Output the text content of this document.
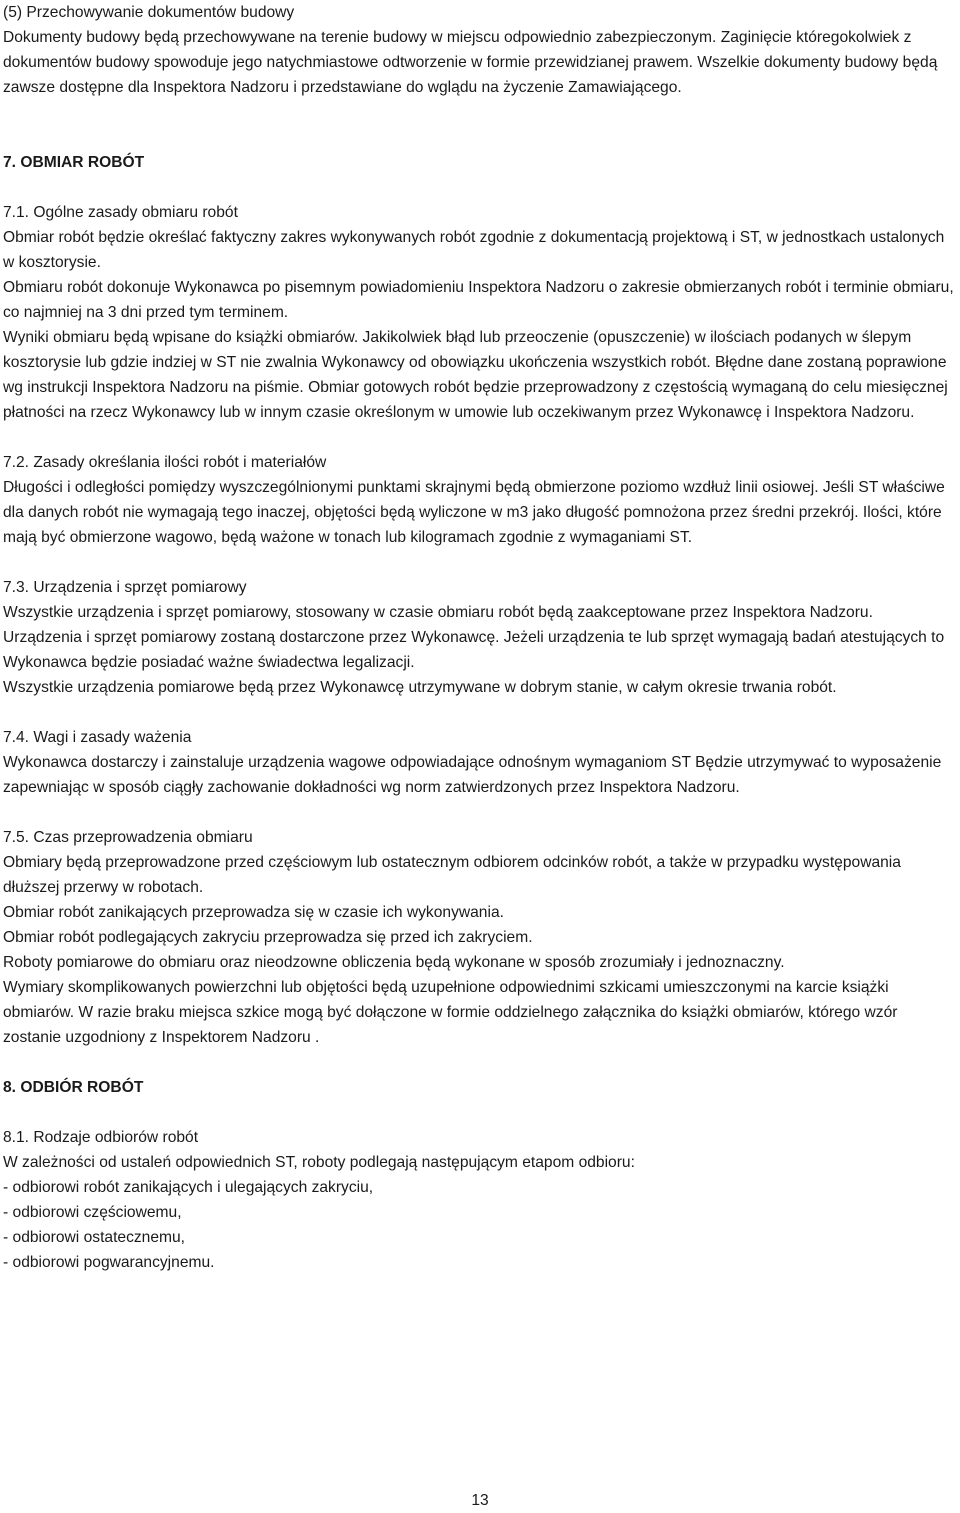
(5) Przechowywanie dokumentów budowy

Dokumenty budowy będą przechowywane na terenie budowy w miejscu odpowiednio zabezpieczonym. Zaginięcie któregokolwiek z dokumentów budowy spowoduje jego natychmiastowe odtworzenie w formie przewidzianej prawem. Wszelkie dokumenty budowy będą zawsze dostępne dla Inspektora Nadzoru i przedstawiane do wglądu na życzenie Zamawiającego.

7. OBMIAR ROBÓT

7.1. Ogólne zasady obmiaru robót

Obmiar robót będzie określać faktyczny zakres wykonywanych robót zgodnie z dokumentacją projektową i ST, w jednostkach ustalonych w kosztorysie.

Obmiaru robót dokonuje Wykonawca po pisemnym powiadomieniu Inspektora Nadzoru o zakresie obmierzanych robót i terminie obmiaru, co najmniej na 3 dni przed tym terminem.

Wyniki obmiaru będą wpisane do książki obmiarów. Jakikolwiek błąd lub przeoczenie (opuszczenie) w ilościach podanych w ślepym kosztorysie lub gdzie indziej w ST nie zwalnia Wykonawcy od obowiązku ukończenia wszystkich robót. Błędne dane zostaną poprawione wg instrukcji Inspektora Nadzoru na piśmie. Obmiar gotowych robót będzie przeprowadzony z częstością wymaganą do celu miesięcznej płatności na rzecz Wykonawcy lub w innym czasie określonym w umowie lub oczekiwanym przez Wykonawcę i Inspektora Nadzoru.

7.2. Zasady określania ilości robót i materiałów

Długości i odległości pomiędzy wyszczególnionymi punktami skrajnymi będą obmierzone poziomo wzdłuż linii osiowej. Jeśli ST właściwe dla danych robót nie wymagają tego inaczej, objętości będą wyliczone w m3 jako długość pomnożona przez średni przekrój. Ilości, które mają być obmierzone wagowo, będą ważone w tonach lub kilogramach zgodnie z wymaganiami ST.

7.3. Urządzenia i sprzęt pomiarowy

Wszystkie urządzenia i sprzęt pomiarowy, stosowany w czasie obmiaru robót będą zaakceptowane przez Inspektora Nadzoru.

Urządzenia i sprzęt pomiarowy zostaną dostarczone przez Wykonawcę. Jeżeli urządzenia te lub sprzęt wymagają badań atestujących to Wykonawca będzie posiadać ważne świadectwa legalizacji.

Wszystkie urządzenia pomiarowe będą przez Wykonawcę utrzymywane w dobrym stanie, w całym okresie trwania robót.

7.4. Wagi i zasady ważenia

Wykonawca dostarczy i zainstaluje urządzenia wagowe odpowiadające odnośnym wymaganiom ST Będzie utrzymywać to wyposażenie zapewniając w sposób ciągły zachowanie dokładności wg norm zatwierdzonych przez Inspektora Nadzoru.

7.5. Czas przeprowadzenia obmiaru

Obmiary będą przeprowadzone przed częściowym lub ostatecznym odbiorem odcinków robót, a także w przypadku występowania dłuższej przerwy w robotach.

Obmiar robót zanikających przeprowadza się w czasie ich wykonywania.

Obmiar robót podlegających zakryciu przeprowadza się przed ich zakryciem.

Roboty pomiarowe do obmiaru oraz nieodzowne obliczenia będą wykonane w sposób zrozumiały i jednoznaczny.

Wymiary skomplikowanych powierzchni lub objętości będą uzupełnione odpowiednimi szkicami umieszczonymi na karcie książki obmiarów. W razie braku miejsca szkice mogą być dołączone w formie oddzielnego załącznika do książki obmiarów, którego wzór zostanie uzgodniony z Inspektorem Nadzoru .

8. ODBIÓR ROBÓT

8.1. Rodzaje odbiorów robót

W zależności od ustaleń odpowiednich ST, roboty podlegają następującym etapom odbioru:

- odbiorowi robót zanikających i ulegających zakryciu,

- odbiorowi częściowemu,

- odbiorowi ostatecznemu,

- odbiorowi pogwarancyjnemu.

13
